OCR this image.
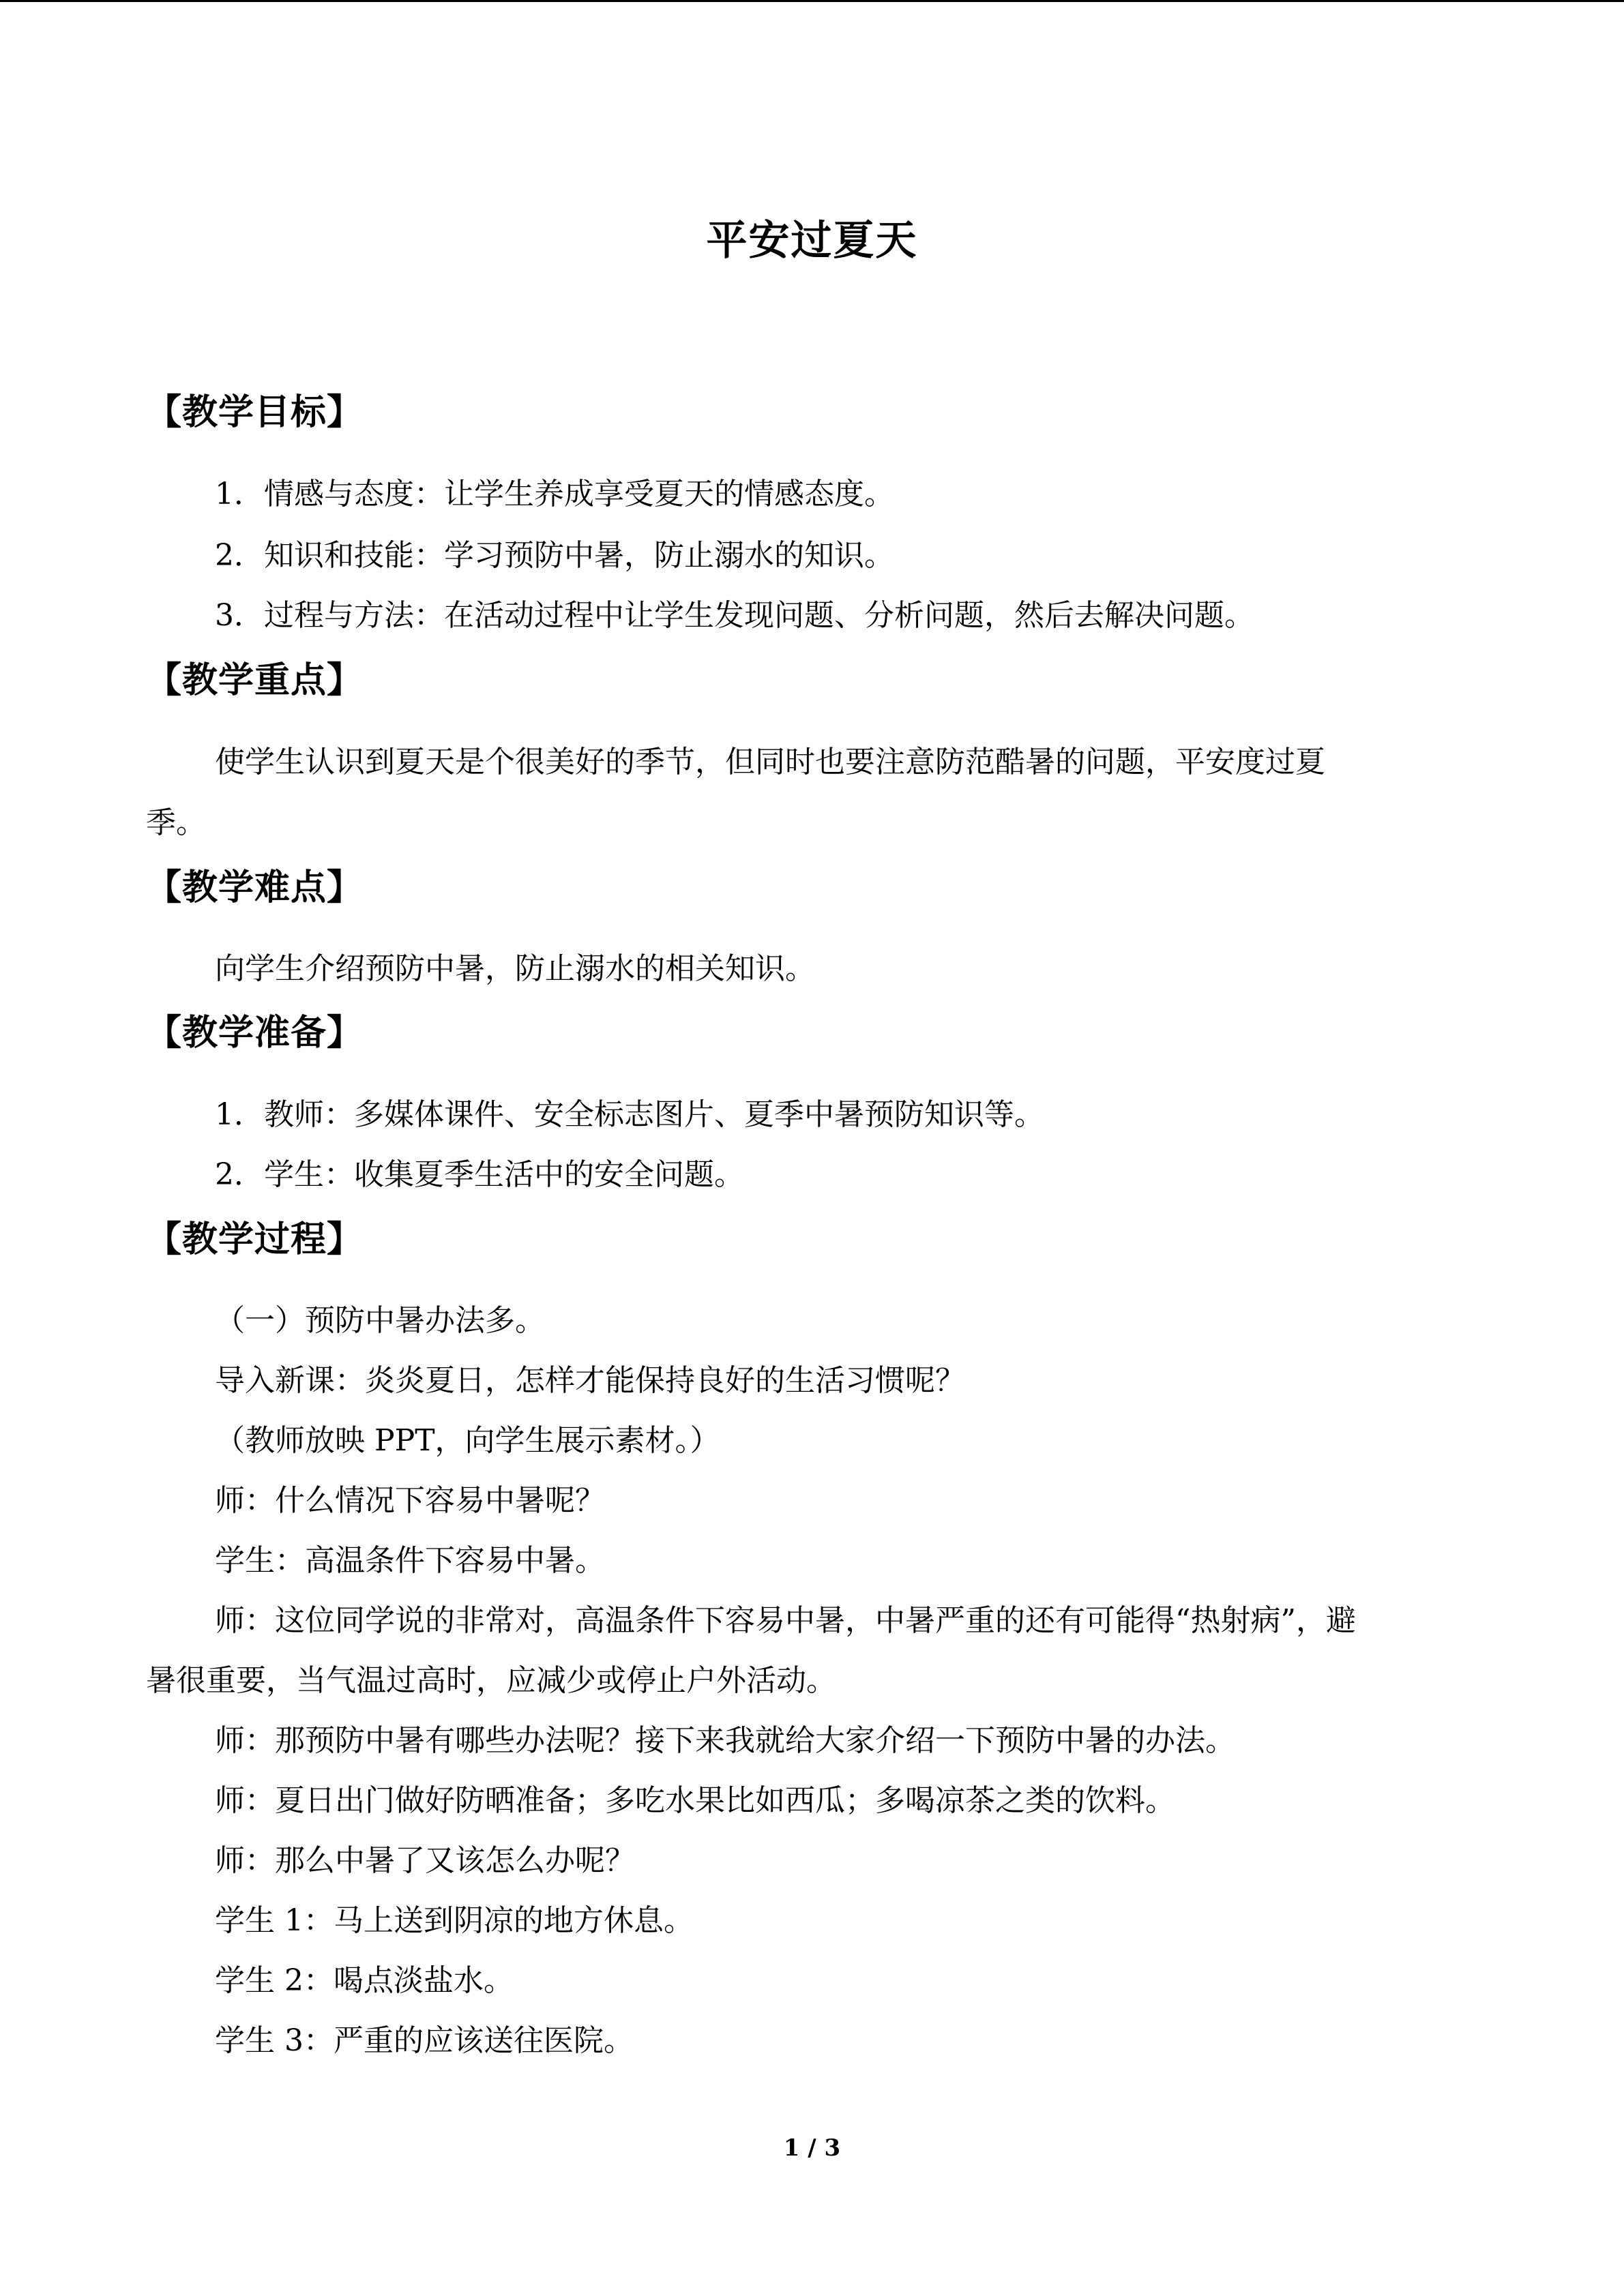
平安过夏天
【教学目标】
1．情感与态度：让学生养成享受夏天的情感态度。
2．知识和技能：学习预防中暑，防止溺水的知识。
3．过程与方法：在活动过程中让学生发现问题、分析问题，然后去解决问题。
【教学重点】
使学生认识到夏天是个很美好的季节，但同时也要注意防范酷暑的问题，平安度过夏
季。
【教学难点】
向学生介绍预防中暑，防止溺水的相关知识。
【教学准备】
1．教师：多媒体课件、安全标志图片、夏季中暑预防知识等。
2．学生：收集夏季生活中的安全问题。
【教学过程】
（一）预防中暑办法多。
导入新课：炎炎夏日，怎样才能保持良好的生活习惯呢？
（教师放映 PPT，向学生展示素材。）
师：什么情况下容易中暑呢？
学生：高温条件下容易中暑。
师：这位同学说的非常对，高温条件下容易中暑，中暑严重的还有可能得“热射病”，避
暑很重要，当气温过高时，应减少或停止户外活动。
师：那预防中暑有哪些办法呢？接下来我就给大家介绍一下预防中暑的办法。
师：夏日出门做好防晒准备；多吃水果比如西瓜；多喝凉茶之类的饮料。
师：那么中暑了又该怎么办呢？
学生 1：马上送到阴凉的地方休息。
学生 2：喝点淡盐水。
学生 3：严重的应该送往医院。
1 / 3
